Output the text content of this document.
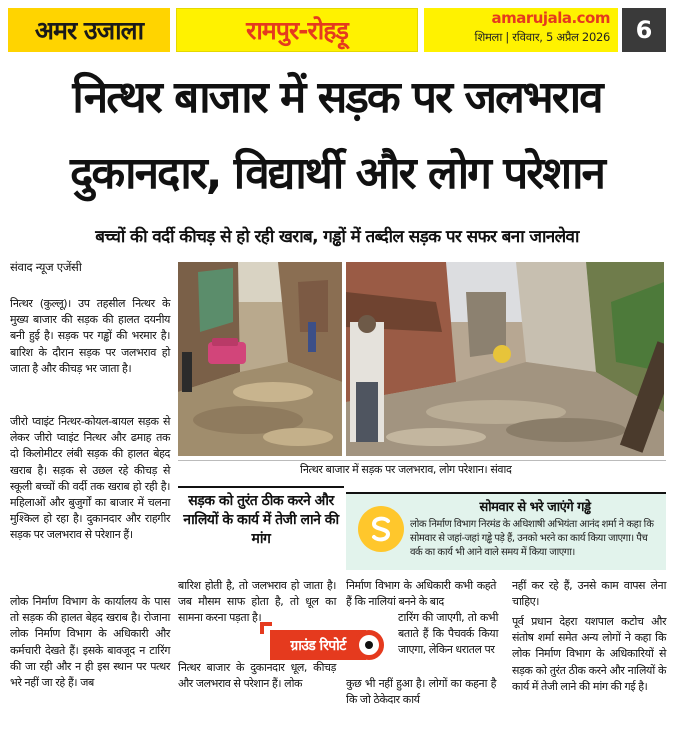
अमर उजाला	रामपुर-रोहड़ू	amarujala.com
शिमला | रविवार, 5 अप्रैल 2026	6
नित्थर बाजार में सड़क पर जलभराव
दुकानदार, विद्यार्थी और लोग परेशान
बच्चों की वर्दी कीचड़ से हो रही खराब, गड्ढों में तब्दील सड़क पर सफर बना जानलेवा
संवाद न्यूज एजेंसी
नित्थर (कुल्लू)। उप तहसील नित्थर के मुख्य बाजार की सड़क की हालत दयनीय बनी हुई है। सड़क पर गड्ढों की भरमार है। बारिश के दौरान सड़क पर जलभराव हो जाता है और कीचड़ भर जाता है।
जीरो प्वाइंट नित्थर-कोयल-बायल सड़क से लेकर जीरो प्वाइंट नित्थर और ढमाह तक दो किलोमीटर लंबी सड़क की हालत बेहद खराब है। सड़क से उछल रहे कीचड़ से स्कूली बच्चों की वर्दी तक खराब हो रही है। महिलाओं और बुजुर्गों का बाजार में चलना मुश्किल हो रहा है। दुकानदार और राहगीर सड़क पर जलभराव से परेशान हैं।
लोक निर्माण विभाग के कार्यालय के पास तो सड़क की हालत बेहद खराब है। रोजाना लोक निर्माण विभाग के अधिकारी और कर्मचारी देखते हैं। इसके बावजूद न टारिंग की जा रही और न ही इस स्थान पर पत्थर भरे नहीं जा रहे हैं। जब
नित्थर बाजार में सड़क पर जलभराव, लोग परेशान। संवाद
सड़क को तुरंत ठीक करने और नालियों के कार्य में तेजी लाने की मांग
सोमवार से भरे जाएंगे गड्ढे
लोक निर्माण विभाग निरमंड के अधिशाषी अभियंता आनंद शर्मा ने कहा कि सोमवार से जहां-जहां गड्ढे पड़े हैं, उनको भरने का कार्य किया जाएगा। पैच वर्क का कार्य भी आने वाले समय में किया जाएगा।
बारिश होती है, तो जलभराव हो जाता है। जब मौसम साफ होता है, तो धूल का सामना करना पड़ता है।
नित्थर बाजार के दुकानदार धूल, कीचड़ और जलभराव से परेशान हैं। लोक
निर्माण विभाग के अधिकारी कभी कहते हैं कि नालियां बनने के बाद
टारिंग की जाएगी, तो कभी बताते हैं कि पैचवर्क किया जाएगा, लेकिन धरातल पर
कुछ भी नहीं हुआ है। लोगों का कहना है कि जो ठेकेदार कार्य
नहीं कर रहे हैं, उनसे काम वापस लेना चाहिए।
पूर्व प्रधान देहरा यशपाल कटोच और संतोष शर्मा समेत अन्य लोगों ने कहा कि लोक निर्माण विभाग के अधिकारियों से सड़क को तुरंत ठीक करने और नालियों के कार्य में तेजी लाने की मांग की गई है।
ग्राउंड रिपोर्ट
